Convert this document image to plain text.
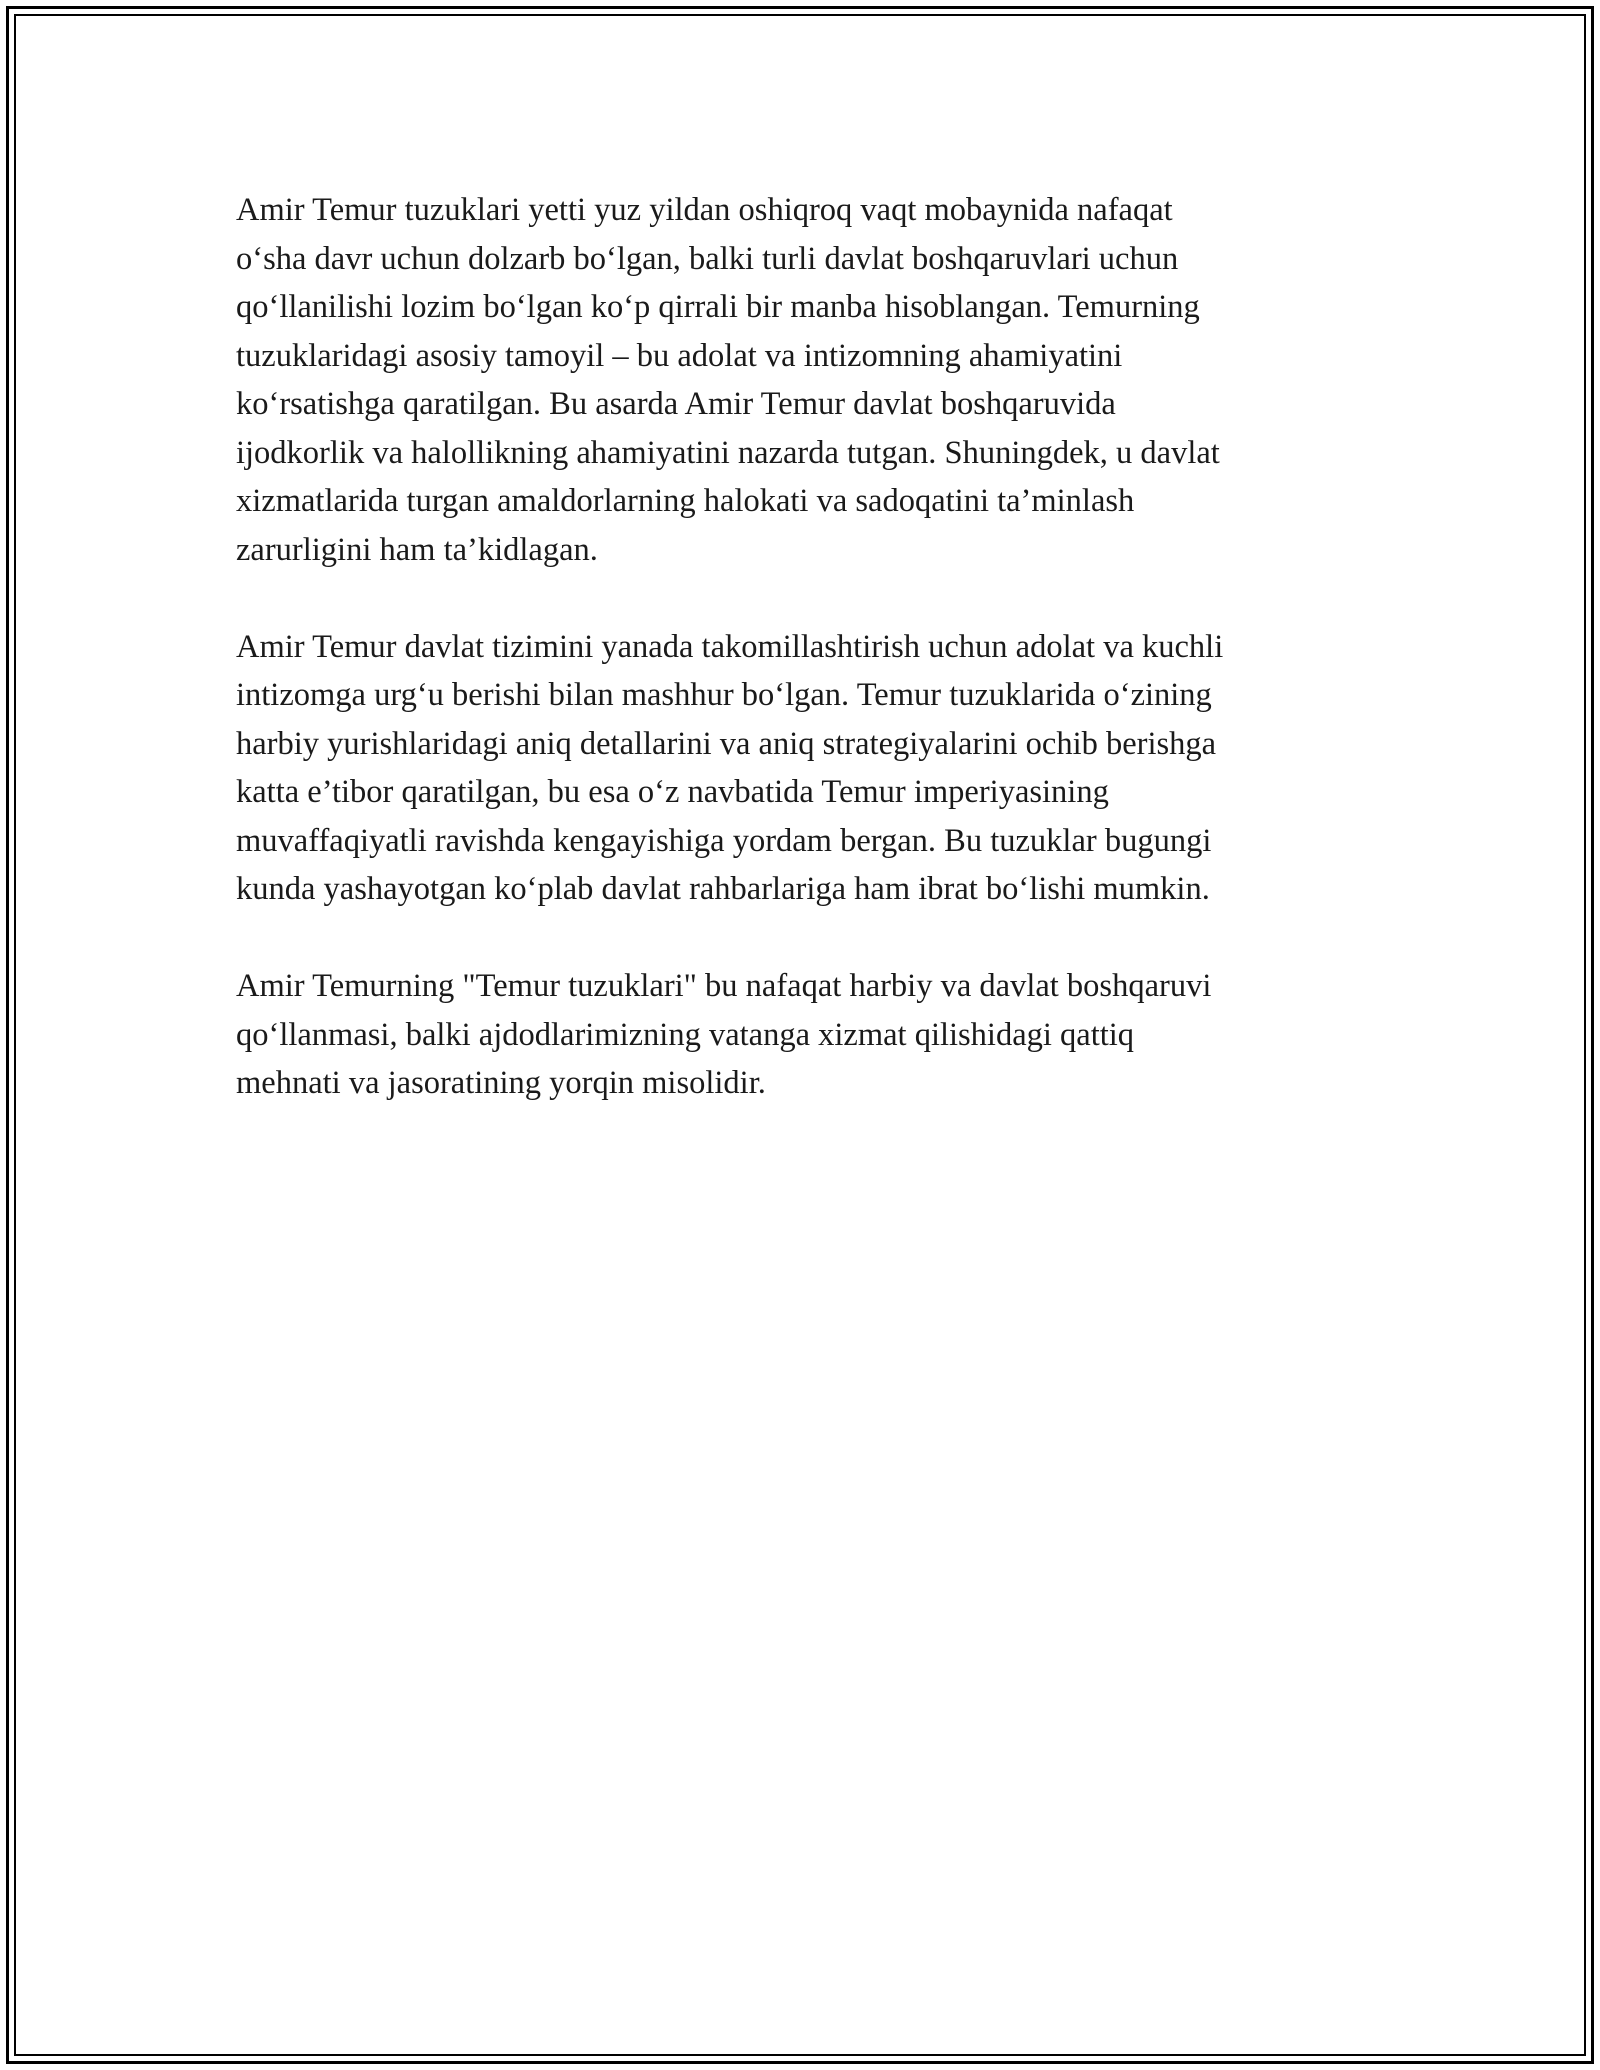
Amir Temur tuzuklari yetti yuz yildan oshiqroq vaqt mobaynida nafaqat
o‘sha davr uchun dolzarb bo‘lgan, balki turli davlat boshqaruvlari uchun
qo‘llanilishi lozim bo‘lgan ko‘p qirrali bir manba hisoblangan. Temurning
tuzuklaridagi asosiy tamoyil – bu adolat va intizomning ahamiyatini
ko‘rsatishga qaratilgan. Bu asarda Amir Temur davlat boshqaruvida
ijodkorlik va halollikning ahamiyatini nazarda tutgan. Shuningdek, u davlat
xizmatlarida turgan amaldorlarning halokati va sadoqatini ta’minlash
zarurligini ham ta’kidlagan.

Amir Temur davlat tizimini yanada takomillashtirish uchun adolat va kuchli
intizomga urg‘u berishi bilan mashhur bo‘lgan. Temur tuzuklarida o‘zining
harbiy yurishlaridagi aniq detallarini va aniq strategiyalarini ochib berishga
katta e’tibor qaratilgan, bu esa o‘z navbatida Temur imperiyasining
muvaffaqiyatli ravishda kengayishiga yordam bergan. Bu tuzuklar bugungi
kunda yashayotgan ko‘plab davlat rahbarlariga ham ibrat bo‘lishi mumkin.

Amir Temurning "Temur tuzuklari" bu nafaqat harbiy va davlat boshqaruvi
qo‘llanmasi, balki ajdodlarimizning vatanga xizmat qilishidagi qattiq
mehnati va jasoratining yorqin misolidir.
